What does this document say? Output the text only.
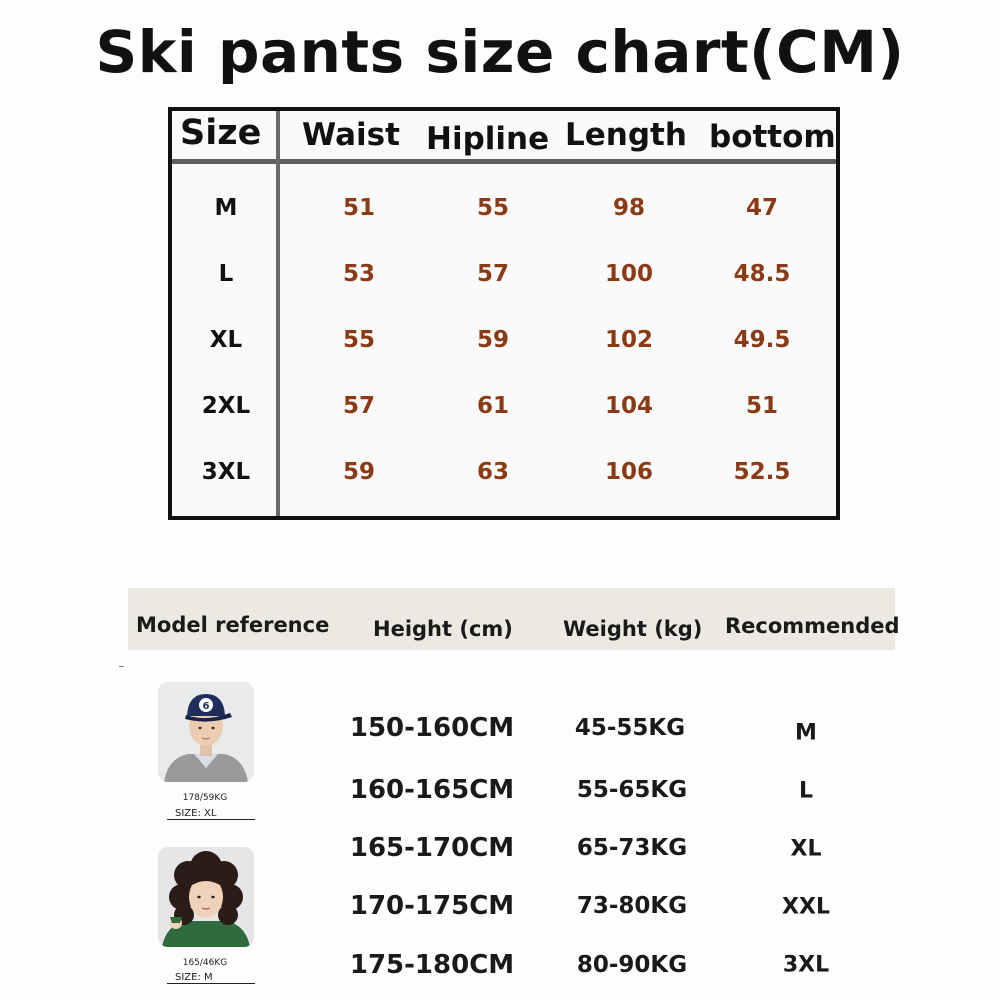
Ski pants size chart(CM)
Size Waist Hipline Length bottom
M	51	55	98	47
L	53	57	100	48.5
XL	55	59	102	49.5
2XL	57	61	104	51
3XL	59	63	106	52.5
Model reference Height (cm) Weight (kg) Recommended
150-160CM	45-55KG	M
160-165CM	55-65KG	L
165-170CM	65-73KG	XL
170-175CM	73-80KG	XXL
175-180CM	80-90KG	3XL
6
178/59KG
SIZE: XL
165/46KG
SIZE: M
